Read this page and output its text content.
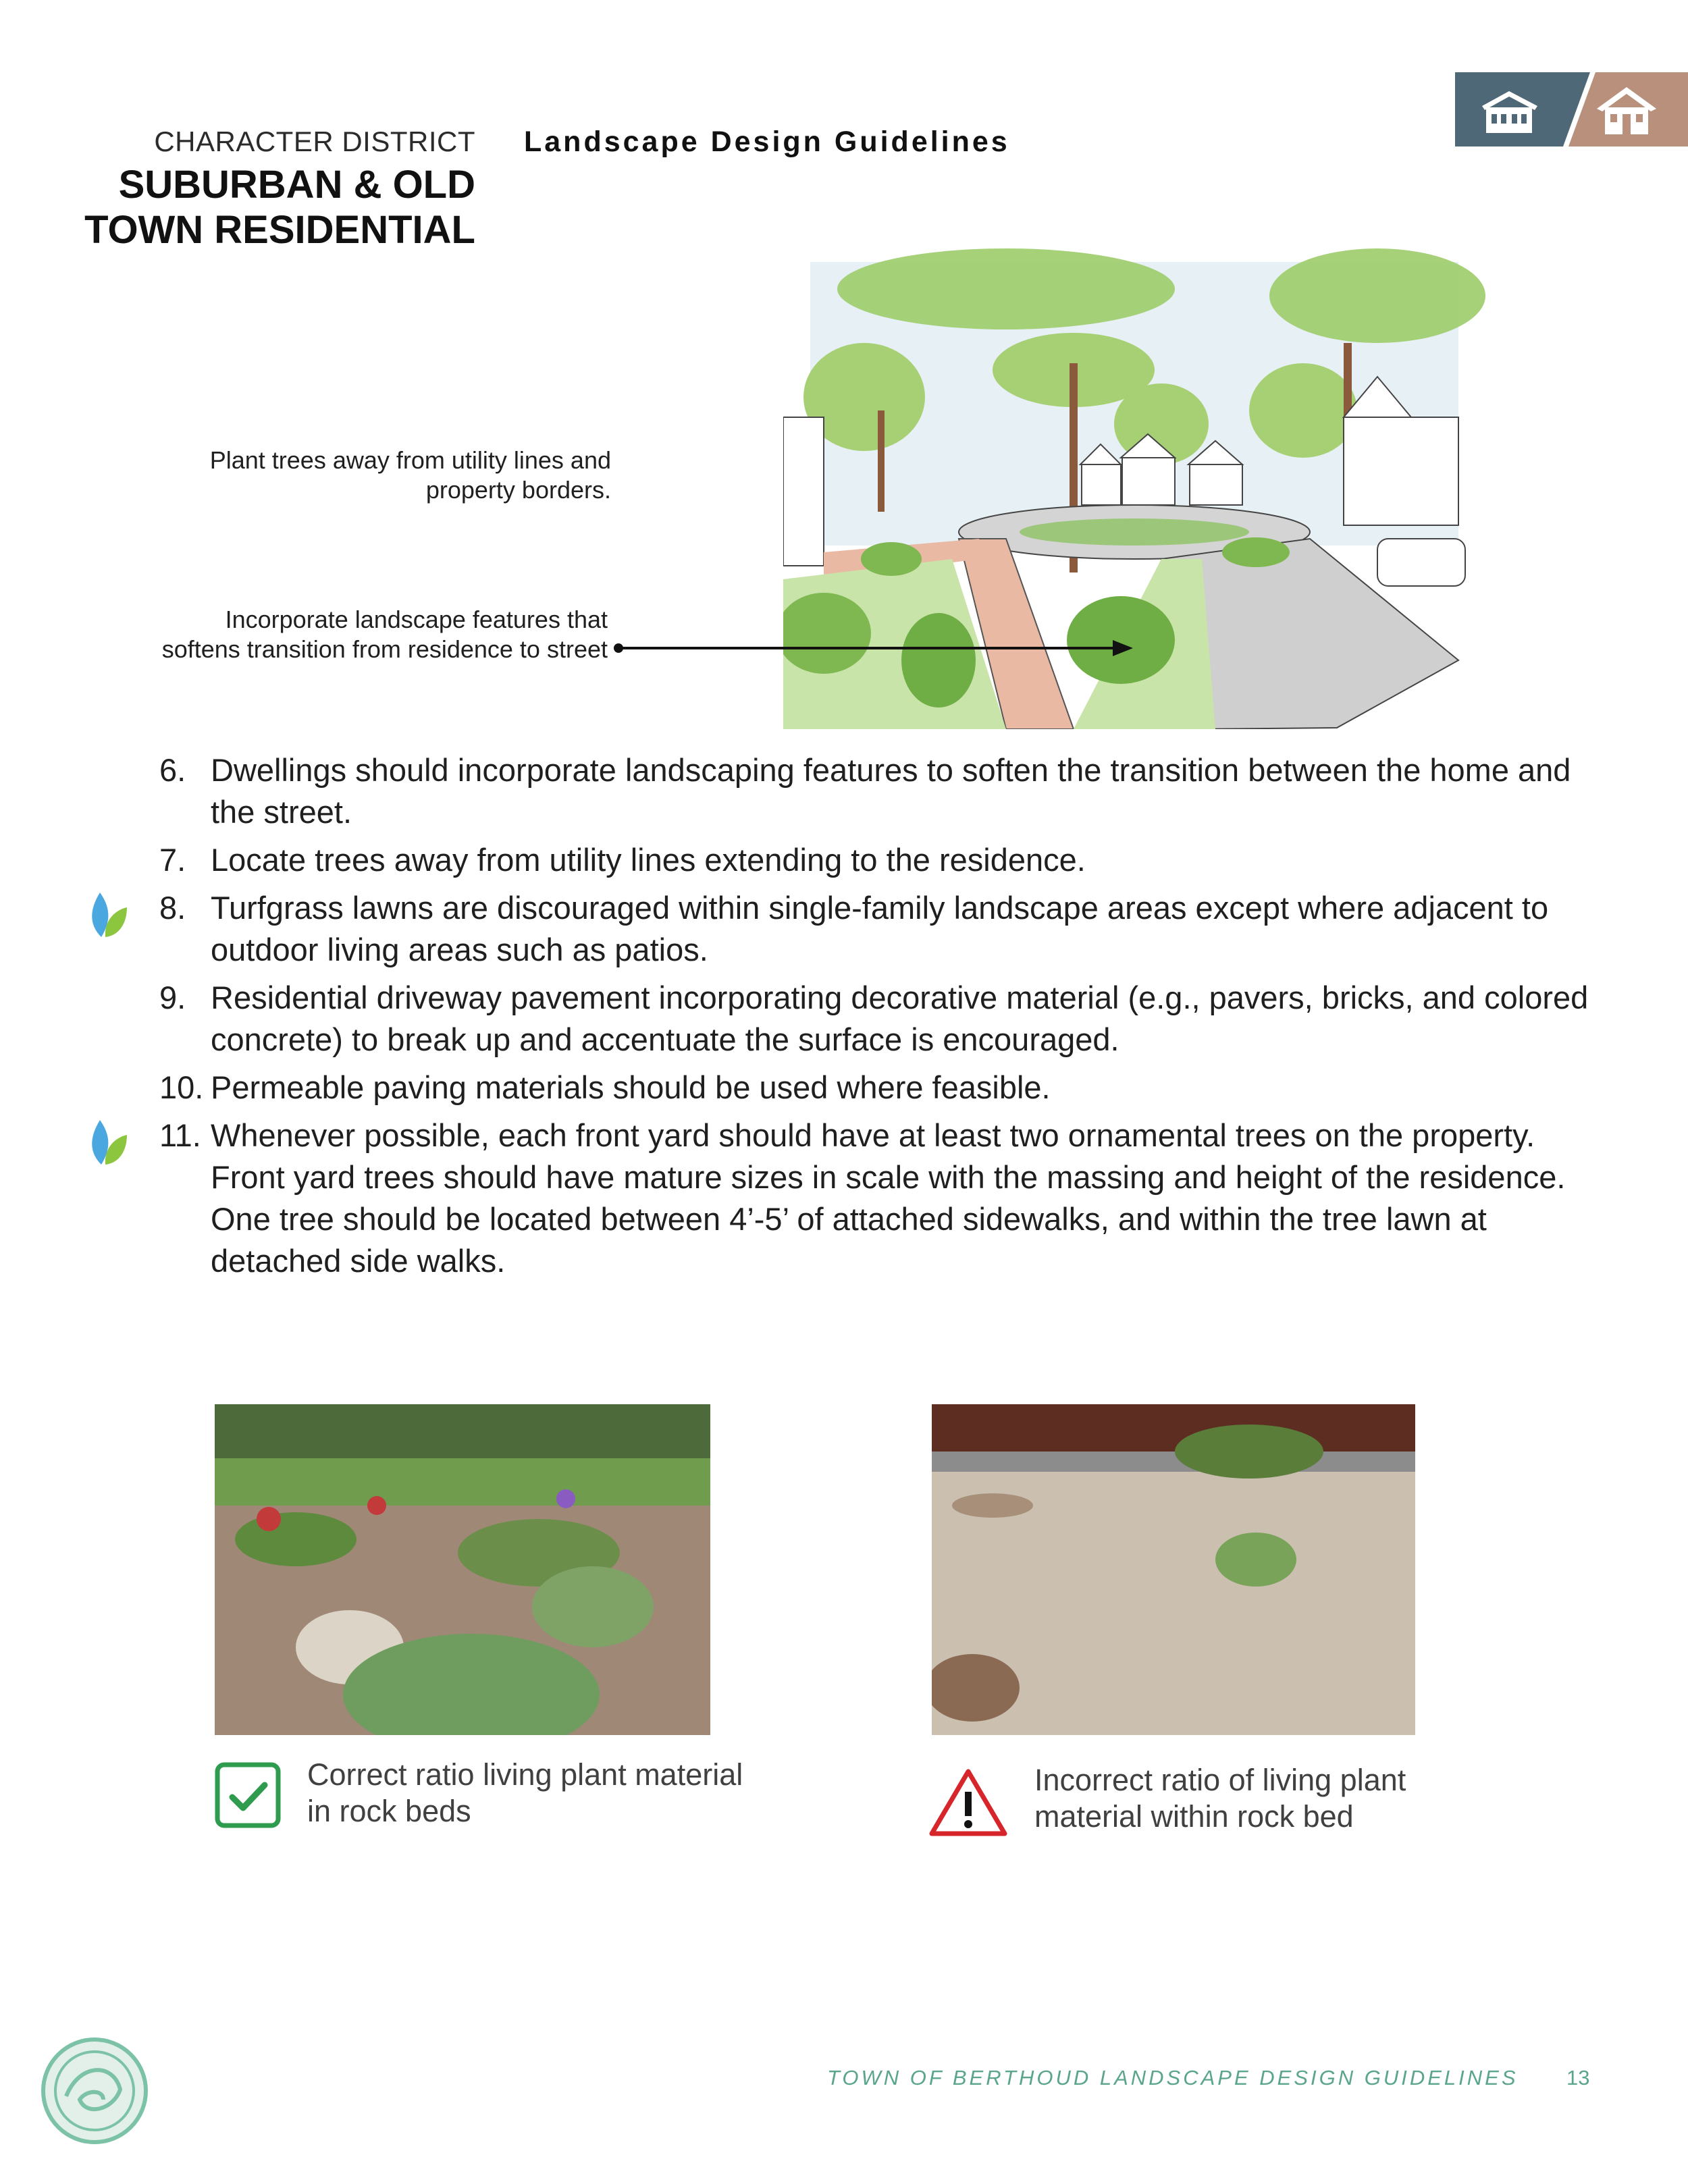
CHARACTER DISTRICT
SUBURBAN & OLD
TOWN RESIDENTIAL
Landscape Design Guidelines
Plant trees away from utility lines and property borders.
Incorporate landscape features that softens transition from residence to street
6. Dwellings should incorporate landscaping features to soften the transition between the home and the street.
7. Locate trees away from utility lines extending to the residence.
8. Turfgrass lawns are discouraged within single-family landscape areas except where adjacent to outdoor living areas such as patios.
9. Residential driveway pavement incorporating decorative material (e.g., pavers, bricks, and colored concrete) to break up and accentuate the surface is encouraged.
10. Permeable paving materials should be used where feasible.
11. Whenever possible, each front yard should have at least two ornamental trees on the property. Front yard trees should have mature sizes in scale with the massing and height of the residence. One tree should be located between 4’-5’ of attached sidewalks, and within the tree lawn at detached side walks.
Correct ratio living plant material in rock beds
Incorrect ratio of living plant material within rock bed
TOWN OF BERTHOUD LANDSCAPE DESIGN GUIDELINES 13
